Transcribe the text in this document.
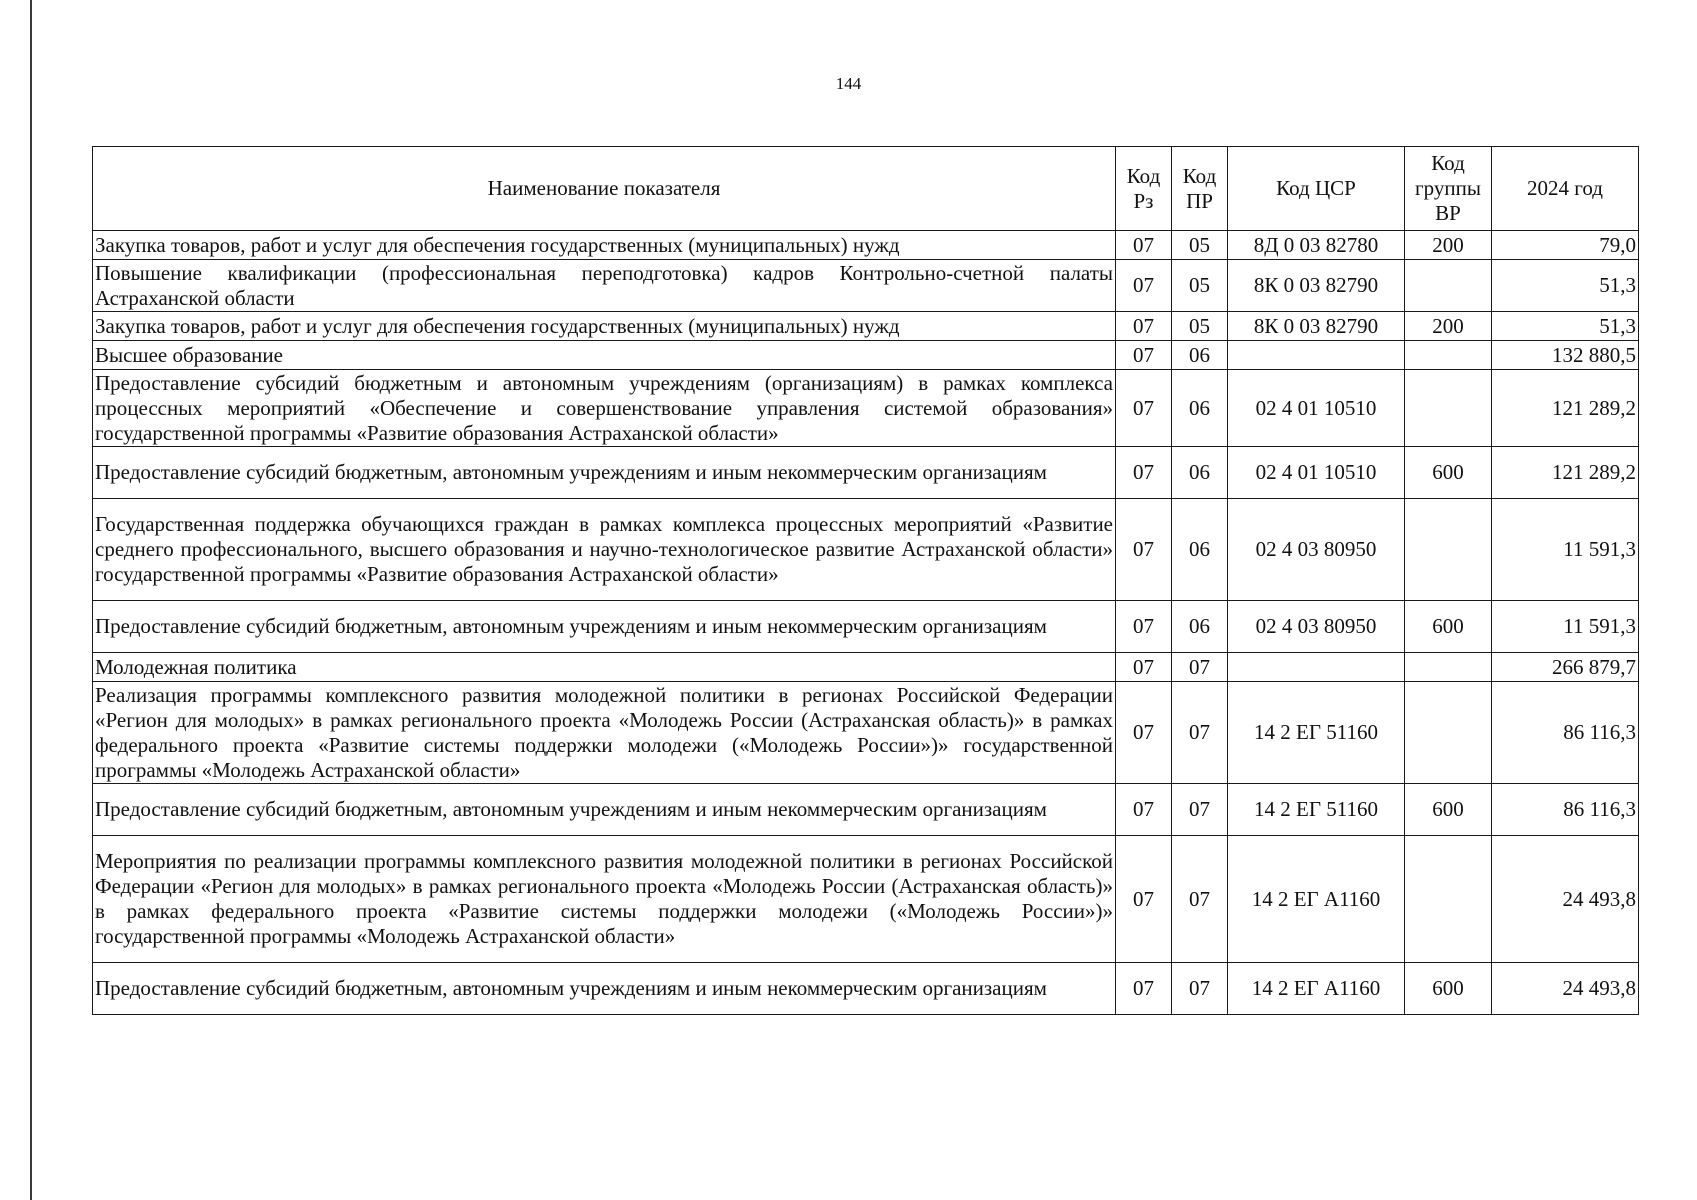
144
Наименование показателя	Код Рз	Код ПР	Код ЦСР	Код группы ВР	2024 год
Закупка товаров, работ и услуг для обеспечения государственных (муниципальных) нужд	07	05	8Д 0 03 82780	200	79,0
Повышение квалификации (профессиональная переподготовка) кадров Контрольно-счетной палаты Астраханской области	07	05	8К 0 03 82790		51,3
Закупка товаров, работ и услуг для обеспечения государственных (муниципальных) нужд	07	05	8К 0 03 82790	200	51,3
Высшее образование	07	06			132 880,5
Предоставление субсидий бюджетным и автономным учреждениям (организациям) в рамках комплекса процессных мероприятий «Обеспечение и совершенствование управления системой образования» государственной программы «Развитие образования Астраханской области»	07	06	02 4 01 10510		121 289,2
Предоставление субсидий бюджетным, автономным учреждениям и иным некоммерческим организациям	07	06	02 4 01 10510	600	121 289,2
Государственная поддержка обучающихся граждан в рамках комплекса процессных мероприятий «Развитие среднего профессионального, высшего образования и научно-технологическое развитие Астраханской области» государственной программы «Развитие образования Астраханской области»	07	06	02 4 03 80950		11 591,3
Предоставление субсидий бюджетным, автономным учреждениям и иным некоммерческим организациям	07	06	02 4 03 80950	600	11 591,3
Молодежная политика	07	07			266 879,7
Реализация программы комплексного развития молодежной политики в регионах Российской Федерации «Регион для молодых» в рамках регионального проекта «Молодежь России (Астраханская область)» в рамках федерального проекта «Развитие системы поддержки молодежи («Молодежь России»)» государственной программы «Молодежь Астраханской области»	07	07	14 2 ЕГ 51160		86 116,3
Предоставление субсидий бюджетным, автономным учреждениям и иным некоммерческим организациям	07	07	14 2 ЕГ 51160	600	86 116,3
Мероприятия по реализации программы комплексного развития молодежной политики в регионах Российской Федерации «Регион для молодых» в рамках регионального проекта «Молодежь России (Астраханская область)» в рамках федерального проекта «Развитие системы поддержки молодежи («Молодежь России»)» государственной программы «Молодежь Астраханской области»	07	07	14 2 ЕГ А1160		24 493,8
Предоставление субсидий бюджетным, автономным учреждениям и иным некоммерческим организациям	07	07	14 2 ЕГ А1160	600	24 493,8
